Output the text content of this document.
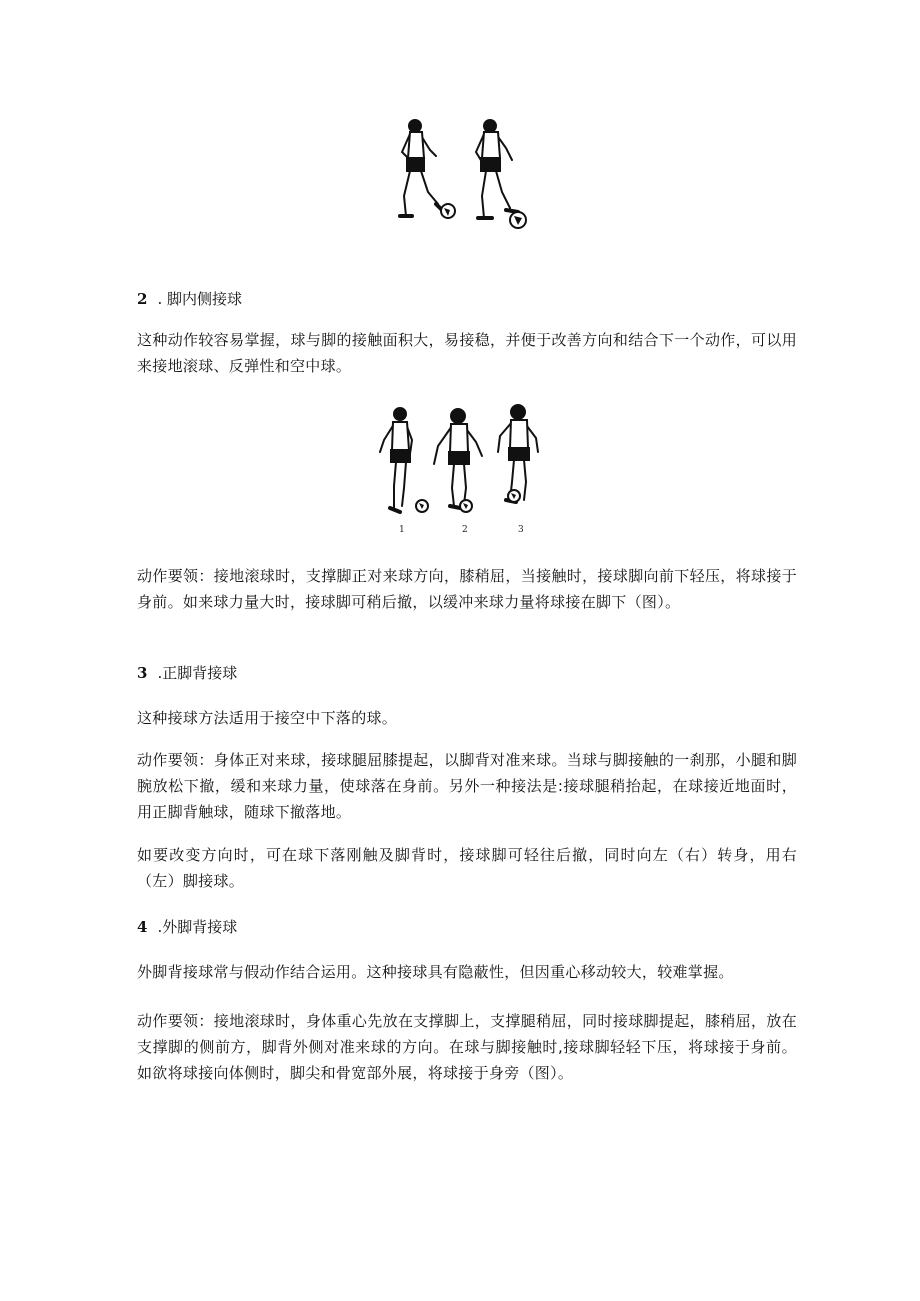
2 . 脚内侧接球
这种动作较容易掌握，球与脚的接触面积大，易接稳，并便于改善方向和结合下一个动作，可以用来接地滚球、反弹性和空中球。
1	2	3
动作要领：接地滚球时，支撑脚正对来球方向，膝稍屈，当接触时，接球脚向前下轻压，将球接于身前。如来球力量大时，接球脚可稍后撤，以缓冲来球力量将球接在脚下（图）。
3 .正脚背接球
这种接球方法适用于接空中下落的球。
动作要领：身体正对来球，接球腿屈膝提起，以脚背对准来球。当球与脚接触的一刹那，小腿和脚腕放松下撤，缓和来球力量，使球落在身前。另外一种接法是:接球腿稍抬起，在球接近地面时，用正脚背触球，随球下撤落地。
如要改变方向时，可在球下落刚触及脚背时，接球脚可轻往后撤，同时向左（右）转身，用右（左）脚接球。
4 .外脚背接球
外脚背接球常与假动作结合运用。这种接球具有隐蔽性，但因重心移动较大，较难掌握。
动作要领：接地滚球时，身体重心先放在支撑脚上，支撑腿稍屈，同时接球脚提起，膝稍屈，放在支撑脚的侧前方，脚背外侧对准来球的方向。在球与脚接触时,接球脚轻轻下压，将球接于身前。如欲将球接向体侧时，脚尖和骨宽部外展，将球接于身旁（图）。
